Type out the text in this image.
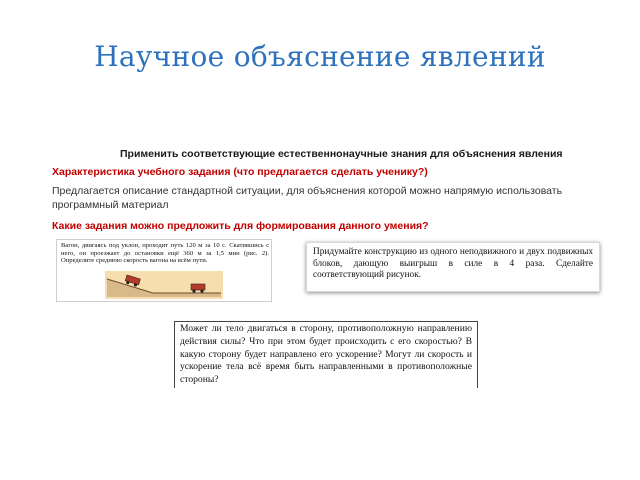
Научное объяснение явлений
Применить соответствующие естественнонаучные знания для объяснения явления
Характеристика учебного задания (что предлагается сделать ученику?)
Предлагается описание стандартной ситуации, для объяснения которой можно напрямую использовать программный материал
Какие задания можно предложить для формирования данного умения?
Вагон, двигаясь под уклон, проходит путь 120 м за 10 с. Скатившись с него, он проезжает до остановки ещё 360 м за 1,5 мин (рис. 2). Определите среднюю скорость вагона на всём пути.
Придумайте конструкцию из одного неподвижного и двух подвижных блоков, дающую выигрыш в силе в 4 раза. Сделайте соответствующий рисунок.
Может ли тело двигаться в сторону, противоположную направлению действия силы? Что при этом будет происходить с его скоростью? В какую сторону будет направлено его ускорение? Могут ли скорость и ускорение тела всё время быть направленными в противоположные стороны?
